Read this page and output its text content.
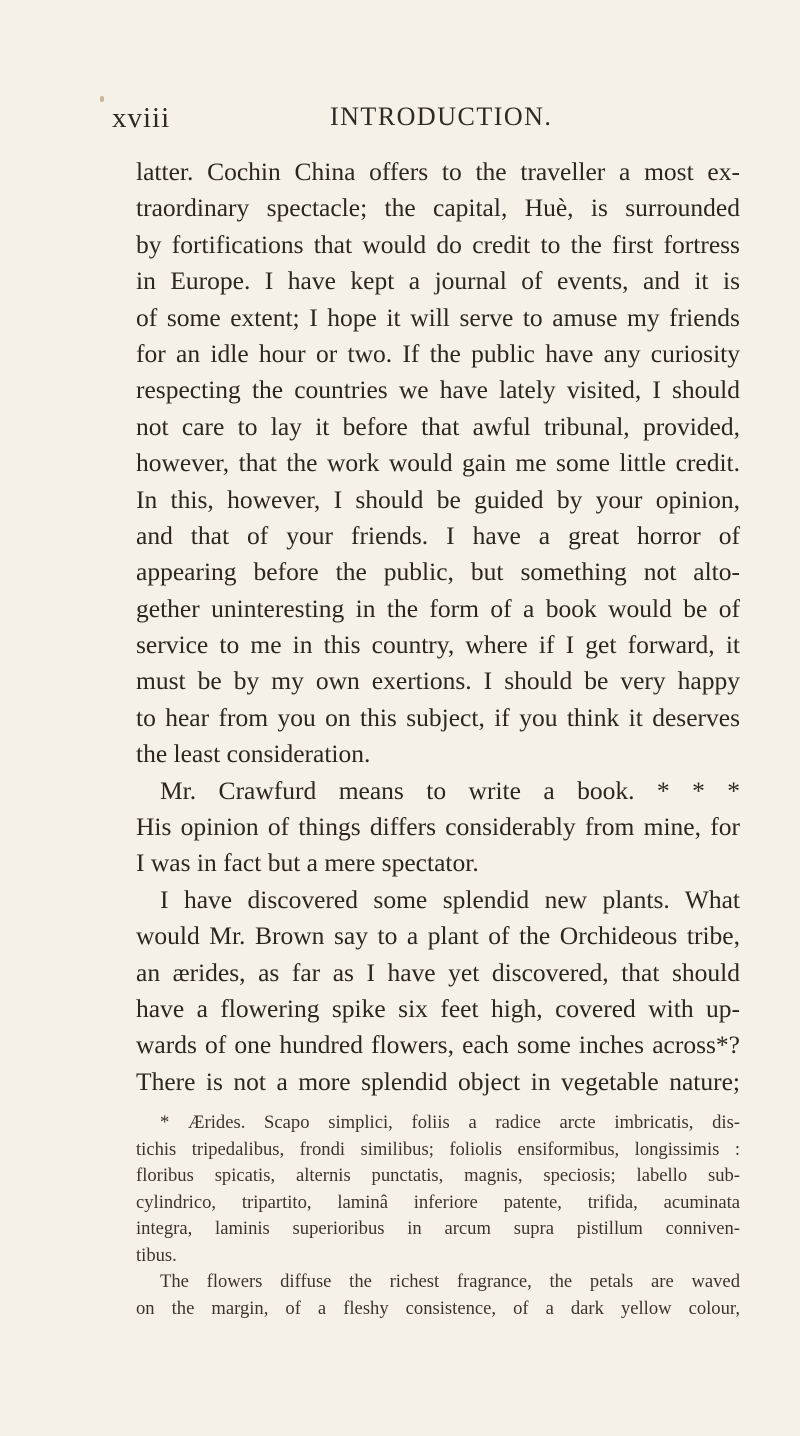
xviii	INTRODUCTION.
latter. Cochin China offers to the traveller a most ex-
traordinary spectacle; the capital, Huè, is surrounded
by fortifications that would do credit to the first fortress
in Europe. I have kept a journal of events, and it is
of some extent; I hope it will serve to amuse my friends
for an idle hour or two. If the public have any curiosity
respecting the countries we have lately visited, I should
not care to lay it before that awful tribunal, provided,
however, that the work would gain me some little credit.
In this, however, I should be guided by your opinion,
and that of your friends. I have a great horror of
appearing before the public, but something not alto-
gether uninteresting in the form of a book would be of
service to me in this country, where if I get forward, it
must be by my own exertions. I should be very happy
to hear from you on this subject, if you think it deserves
the least consideration.
Mr. Crawfurd means to write a book. * * *
His opinion of things differs considerably from mine, for
I was in fact but a mere spectator.
I have discovered some splendid new plants. What
would Mr. Brown say to a plant of the Orchideous tribe,
an ærides, as far as I have yet discovered, that should
have a flowering spike six feet high, covered with up-
wards of one hundred flowers, each some inches across*?
There is not a more splendid object in vegetable nature;
* Ærides. Scapo simplici, foliis a radice arcte imbricatis, dis-
tichis tripedalibus, frondi similibus; foliolis ensiformibus, longissimis :
floribus spicatis, alternis punctatis, magnis, speciosis; labello sub-
cylindrico, tripartito, laminâ inferiore patente, trifida, acuminata
integra, laminis superioribus in arcum supra pistillum conniven-
tibus.
The flowers diffuse the richest fragrance, the petals are waved
on the margin, of a fleshy consistence, of a dark yellow colour,
